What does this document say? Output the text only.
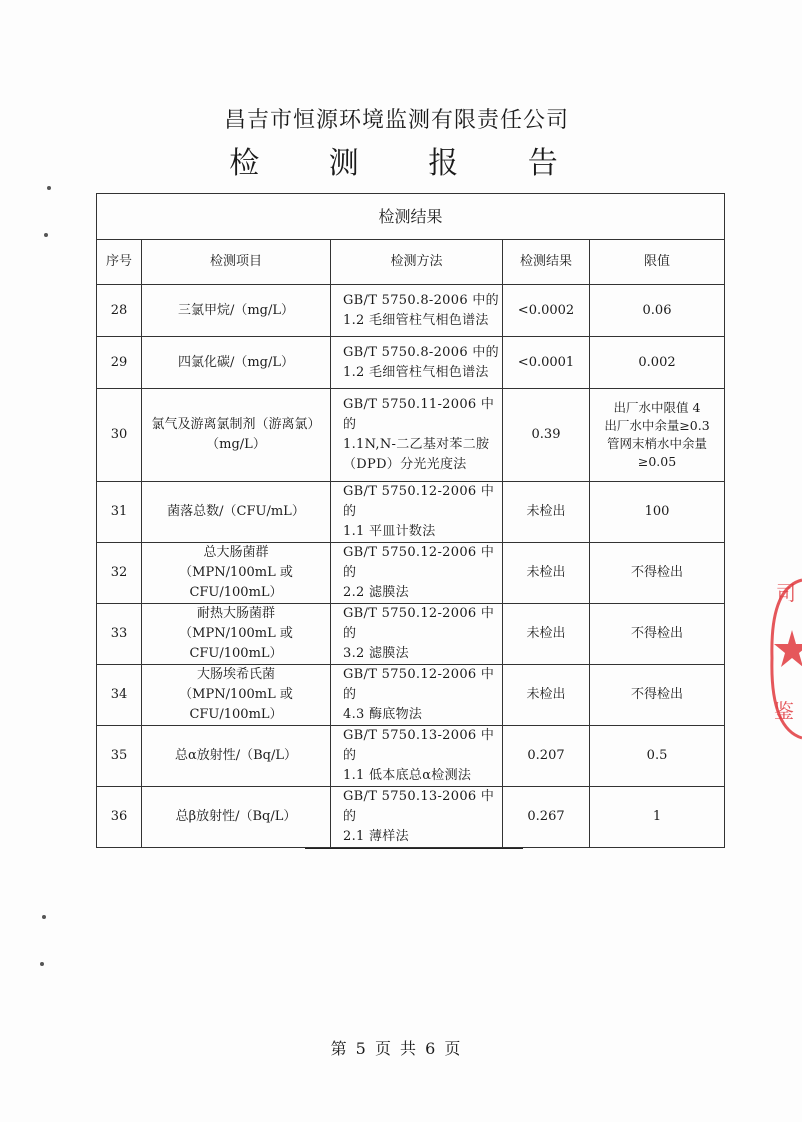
昌吉市恒源环境监测有限责任公司
检 测 报 告
检测结果				
序号	检测项目	检测方法	检测结果	限值
28	三氯甲烷/（mg/L）	GB/T 5750.8-2006 中的
1.2 毛细管柱气相色谱法	<0.0002	0.06

29	四氯化碳/（mg/L）	GB/T 5750.8-2006 中的
1.2 毛细管柱气相色谱法	<0.0001	0.002

30	氯气及游离氯制剂（游离氯）
（mg/L）	GB/T 5750.11-2006 中的
1.1N,N-二乙基对苯二胺
（DPD）分光光度法	0.39	出厂水中限值 4
出厂水中余量≥0.3
管网末梢水中余量
≥0.05

31	菌落总数/（CFU/mL）	GB/T 5750.12-2006 中的
1.1 平皿计数法	未检出	100

32	总大肠菌群
（MPN/100mL 或 CFU/100mL）	GB/T 5750.12-2006 中的
2.2 滤膜法	未检出	不得检出

33	耐热大肠菌群
（MPN/100mL 或 CFU/100mL）	GB/T 5750.12-2006 中的
3.2 滤膜法	未检出	不得检出

34	大肠埃希氏菌
（MPN/100mL 或 CFU/100mL）	GB/T 5750.12-2006 中的
4.3 酶底物法	未检出	不得检出

35	总α放射性/（Bq/L）	GB/T 5750.13-2006 中的
1.1 低本底总α检测法	0.207	0.5

36	总β放射性/（Bq/L）	GB/T 5750.13-2006 中的
2.1 薄样法	0.267	1
第 5 页 共 6 页
司
鉴
